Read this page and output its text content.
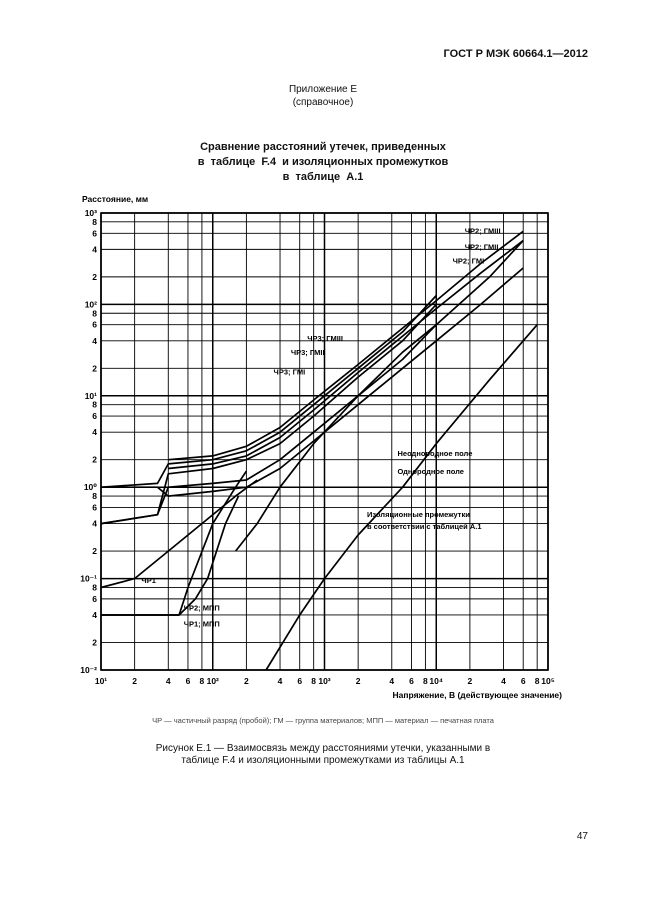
ГОСТ Р МЭК 60664.1—2012
Приложение Е
(справочное)
Сравнение расстояний утечек, приведенных
в  таблице  F.4  и изоляционных промежутков
в  таблице  А.1
10¹	2	4 6 8 10²	2	4 6 8 10³	2	4 6 8 10⁴	2	4 6 8 10⁵
10⁻²
2
4
6
8
10⁻¹
2
4
6
8
10⁰
2
4
6
8
10¹
2
4
6
8
10²
2
4
6
8
10³
ЧР2; ГМIII
ЧР2; ГМII
ЧР2; ГМI
ЧР3; ГМIII
ЧР3; ГМII
ЧР3; ГМI
Неоднородное поле
Однородное поле
Изоляционные промежутки
в соответствии с таблицей А.1
ЧР1
ЧР2; МПП
ЧР1; МПП
Расстояние, мм
Напряжение, В (действующее значение)
ЧР — частичный разряд (пробой); ГМ — группа материалов; МПП — материал — печатная плата
Рисунок Е.1 — Взаимосвязь между расстояниями утечки, указанными в
таблице F.4 и изоляционными промежутками из таблицы А.1
47
